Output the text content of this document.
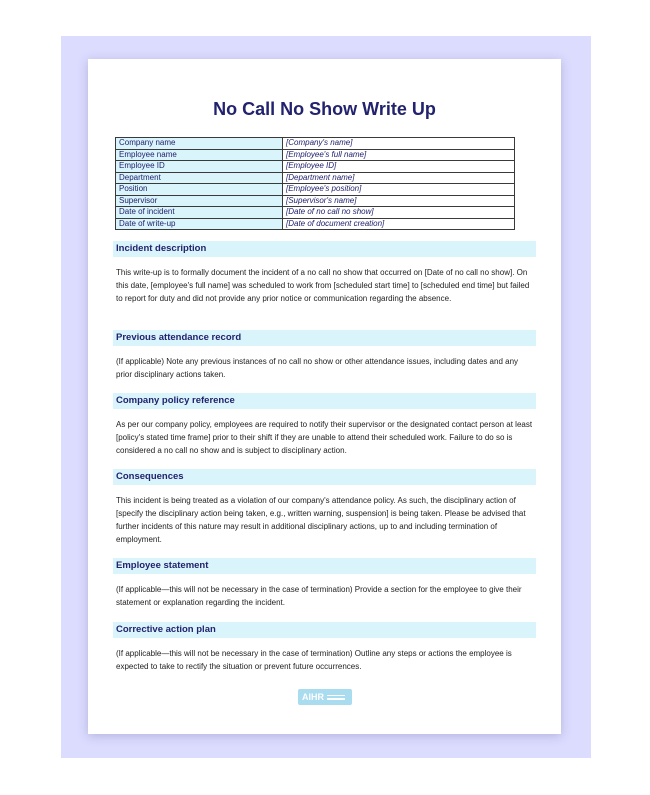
No Call No Show Write Up
Company name	[Company's name]
Employee name	[Employee's full name]
Employee ID	[Employee ID]
Department	[Department name]
Position	[Employee's position]
Supervisor	[Supervisor's name]
Date of incident	[Date of no call no show]
Date of write-up	[Date of document creation]
Incident description

This write-up is to formally document the incident of a no call no show that occurred on [Date of no call no show]. On this date, [employee's full name] was scheduled to work from [scheduled start time] to [scheduled end time] but failed to report for duty and did not provide any prior notice or communication regarding the absence.

Previous attendance record

(If applicable) Note any previous instances of no call no show or other attendance issues, including dates and any prior disciplinary actions taken.

Company policy reference

As per our company policy, employees are required to notify their supervisor or the designated contact person at least [policy's stated time frame] prior to their shift if they are unable to attend their scheduled work. Failure to do so is considered a no call no show and is subject to disciplinary action.

Consequences

This incident is being treated as a violation of our company's attendance policy. As such, the disciplinary action of [specify the disciplinary action being taken, e.g., written warning, suspension] is being taken. Please be advised that further incidents of this nature may result in additional disciplinary actions, up to and including termination of employment.

Employee statement

(If applicable—this will not be necessary in the case of termination) Provide a section for the employee to give their statement or explanation regarding the incident.

Corrective action plan

(If applicable—this will not be necessary in the case of termination) Outline any steps or actions the employee is expected to take to rectify the situation or prevent future occurrences.

AIHR
